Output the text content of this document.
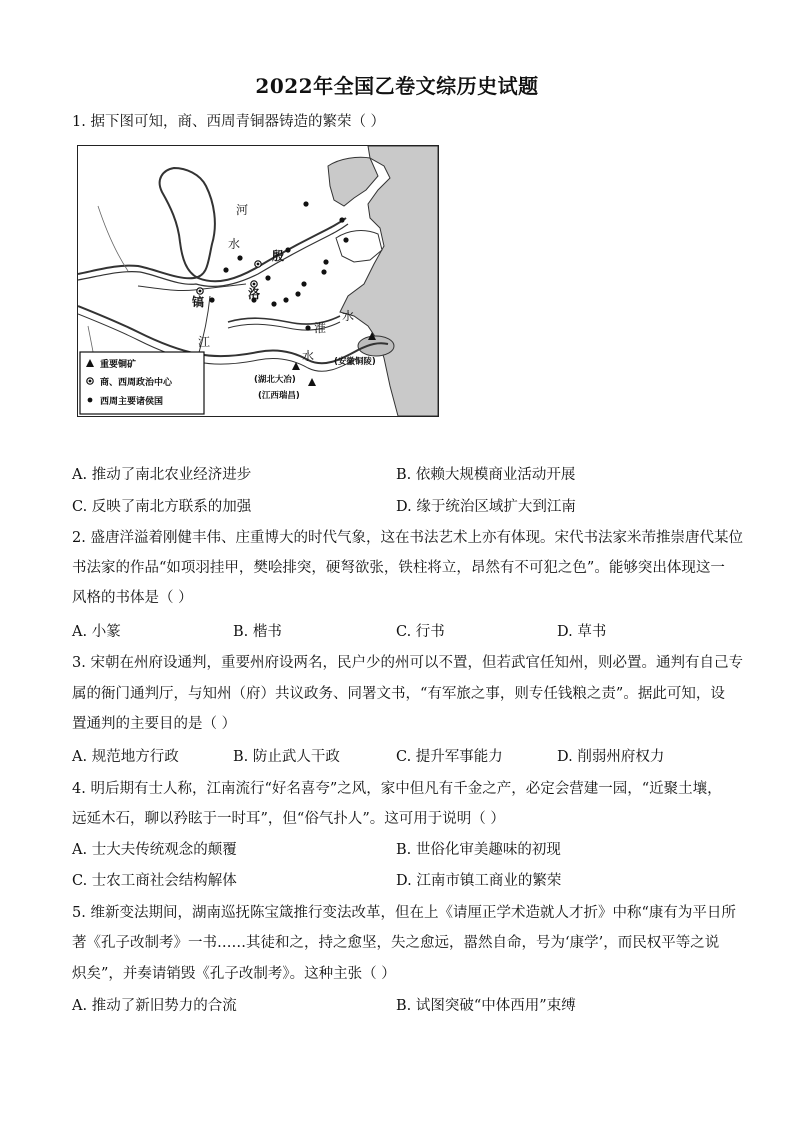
2022年全国乙卷文综历史试题
1. 据下图可知，商、西周青铜器铸造的繁荣（ ）
河
水
殷
洛
镐
淮
水
江
水
(湖北大冶)
(江西瑞昌)
(安徽铜陵)
重要铜矿
商、西周政治中心
西周主要诸侯国
A. 推动了南北农业经济进步	B. 依赖大规模商业活动开展
C. 反映了南北方联系的加强	D. 缘于统治区域扩大到江南
2. 盛唐洋溢着刚健丰伟、庄重博大的时代气象，这在书法艺术上亦有体现。宋代书法家米芾推崇唐代某位
书法家的作品“如项羽挂甲，樊哙排突，硬弩欲张，铁柱将立，昂然有不可犯之色”。能够突出体现这一
风格的书体是（ ）
A. 小篆	B. 楷书	C. 行书	D. 草书
3. 宋朝在州府设通判，重要州府设两名，民户少的州可以不置，但若武官任知州，则必置。通判有自己专
属的衙门通判厅，与知州（府）共议政务、同署文书，“有军旅之事，则专任钱粮之责”。据此可知，设
置通判的主要目的是（ ）
A. 规范地方行政	B. 防止武人干政	C. 提升军事能力	D. 削弱州府权力
4. 明后期有士人称，江南流行“好名喜夸”之风，家中但凡有千金之产，必定会营建一园，“近聚土壤，
远延木石，聊以矜眩于一时耳”，但“俗气扑人”。这可用于说明（ ）
A. 士大夫传统观念的颠覆	B. 世俗化审美趣味的初现
C. 士农工商社会结构解体	D. 江南市镇工商业的繁荣
5. 维新变法期间，湖南巡抚陈宝箴推行变法改革，但在上《请厘正学术造就人才折》中称“康有为平日所
著《孔子改制考》一书……其徒和之，持之愈坚，失之愈远，嚣然自命，号为‘康学’，而民权平等之说
炽矣”，并奏请销毁《孔子改制考》。这种主张（ ）
A. 推动了新旧势力的合流	B. 试图突破“中体西用”束缚
